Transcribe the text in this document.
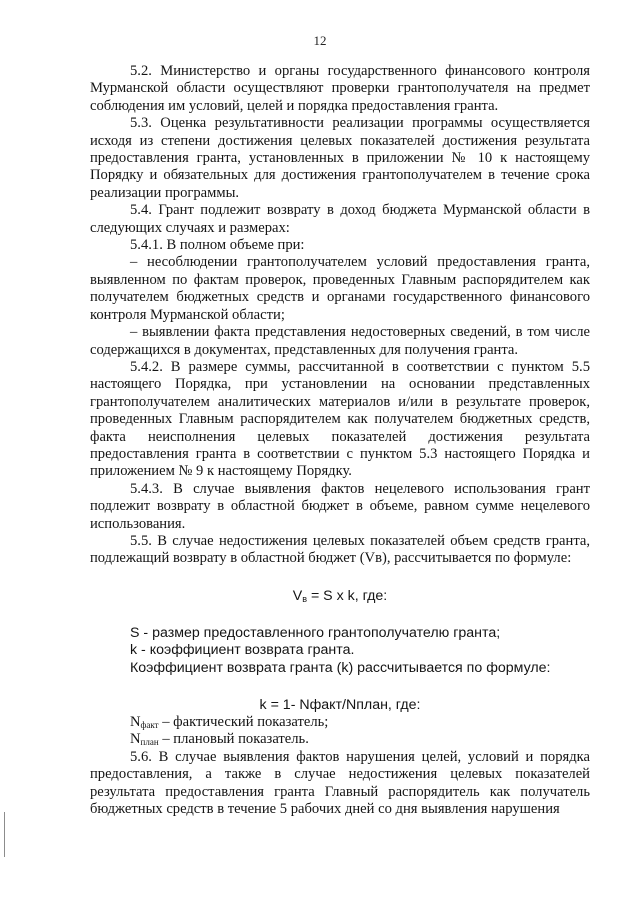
12

5.2. Министерство и органы государственного финансового контроля Мурманской области осуществляют проверки грантополучателя на предмет соблюдения им условий, целей и порядка предоставления гранта.

5.3. Оценка результативности реализации программы осуществляется исходя из степени достижения целевых показателей достижения результата предоставления гранта, установленных в приложении № 10 к настоящему Порядку и обязательных для достижения грантополучателем в течение срока реализации программы.

5.4. Грант подлежит возврату в доход бюджета Мурманской области в следующих случаях и размерах:

5.4.1. В полном объеме при:

– несоблюдении грантополучателем условий предоставления гранта, выявленном по фактам проверок, проведенных Главным распорядителем как получателем бюджетных средств и органами государственного финансового контроля Мурманской области;

– выявлении факта представления недостоверных сведений, в том числе содержащихся в документах, представленных для получения гранта.

5.4.2. В размере суммы, рассчитанной в соответствии с пунктом 5.5 настоящего Порядка, при установлении на основании представленных грантополучателем аналитических материалов и/или в результате проверок, проведенных Главным распорядителем как получателем бюджетных средств, факта неисполнения целевых показателей достижения результата предоставления гранта в соответствии с пунктом 5.3 настоящего Порядка и приложением № 9 к настоящему Порядку.

5.4.3. В случае выявления фактов нецелевого использования грант подлежит возврату в областной бюджет в объеме, равном сумме нецелевого использования.

5.5. В случае недостижения целевых показателей объем средств гранта, подлежащий возврату в областной бюджет (Vв), рассчитывается по формуле:

$V_в = S$ x k, где:

S - размер предоставленного грантополучателю гранта;

k - коэффициент возврата гранта.

Коэффициент возврата гранта (k) рассчитывается по формуле:

k = 1- Nфакт/Nплан, где:

$N_{факт}$ – фактический показатель;

$N_{план}$ – плановый показатель.

5.6. В случае выявления фактов нарушения целей, условий и порядка предоставления, а также в случае недостижения целевых показателей результата предоставления гранта Главный распорядитель как получатель бюджетных средств в течение 5 рабочих дней со дня выявления нарушения
